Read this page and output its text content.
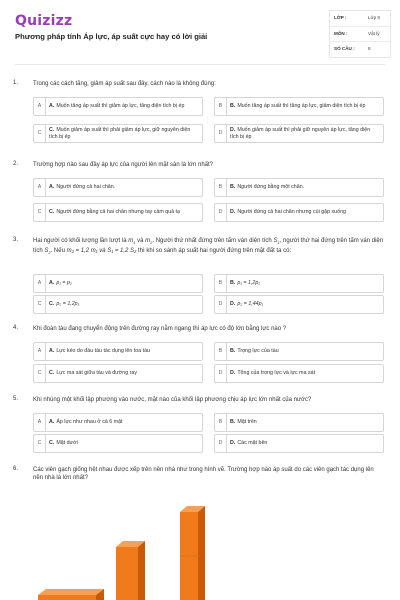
Quizizz
Phương pháp tính Áp lực, áp suất cực hay có lời giải
LỚP :	Lớp 8
MÔN :	Vật lý
SỐ CÂU :	8
1. Trong các cách tăng, giảm áp suất sau đây, cách nào là không đúng:
A	A. Muốn tăng áp suất thì giảm áp lực, tăng diện tích bị ép	B	B. Muốn tăng áp suất thì tăng áp lực, giảm diện tích bị ép
C	C. Muốn giảm áp suất thì phải giảm áp lực, giữ nguyên diện tích bị ép
D	D. Muốn giảm áp suất thì phải giữ nguyên áp lực, tăng diện tích bị ép
2. Trường hợp nào sau đây áp lực của người lên mặt sàn là lớn nhất?
A	A. Người đứng cả hai chân.	B	B. Người đứng bằng một chân.
C	C. Người đứng bằng cả hai chân nhưng tay cầm quả tạ	D	D. Người đứng cả hai chân nhưng cúi gập xuống
3. Hai người có khối lượng lần lượt là $m_1$ và $m_2$. Người thứ nhất đứng trên tấm ván diện tích $S_1$, người thứ hai đứng trên tấm ván diện tích $S_2$. Nếu m₂ = 1,2 m₁ và S₁ = 1,2 S₂ thì khi so sánh áp suất hai người đứng trên mặt đất ta có:
A	A. p₁ = p₂	B	B. p₁ = 1,2p₂
C	C. p₂ = 1,2p₁	D	D. p₂ = 1,44p₁
4. Khi đoàn tàu đang chuyển động trên đường ray nằm ngang thì áp lực có độ lớn bằng lực nào ?
A	A. Lực kéo do đầu tàu tác dụng lên toa tàu	B	B. Trọng lực của tàu
C	C. Lực ma sát giữa tàu và đường ray	D	D. Tổng của trọng lực và lực ma sát
5. Khi nhúng một khối lập phương vào nước, mặt nào của khối lập phương chịu áp lực lớn nhất của nước?
A	A. Áp lực như nhau ở cả 6 mặt	B	B. Mặt trên
C	C. Mặt dưới	D	D. Các mặt bên
6. Các viên gạch giống hệt nhau được xếp trên nền nhà như trong hình vẽ. Trường hợp nào áp suất do các viên gạch tác dụng lên nền nhà là lớn nhất?
